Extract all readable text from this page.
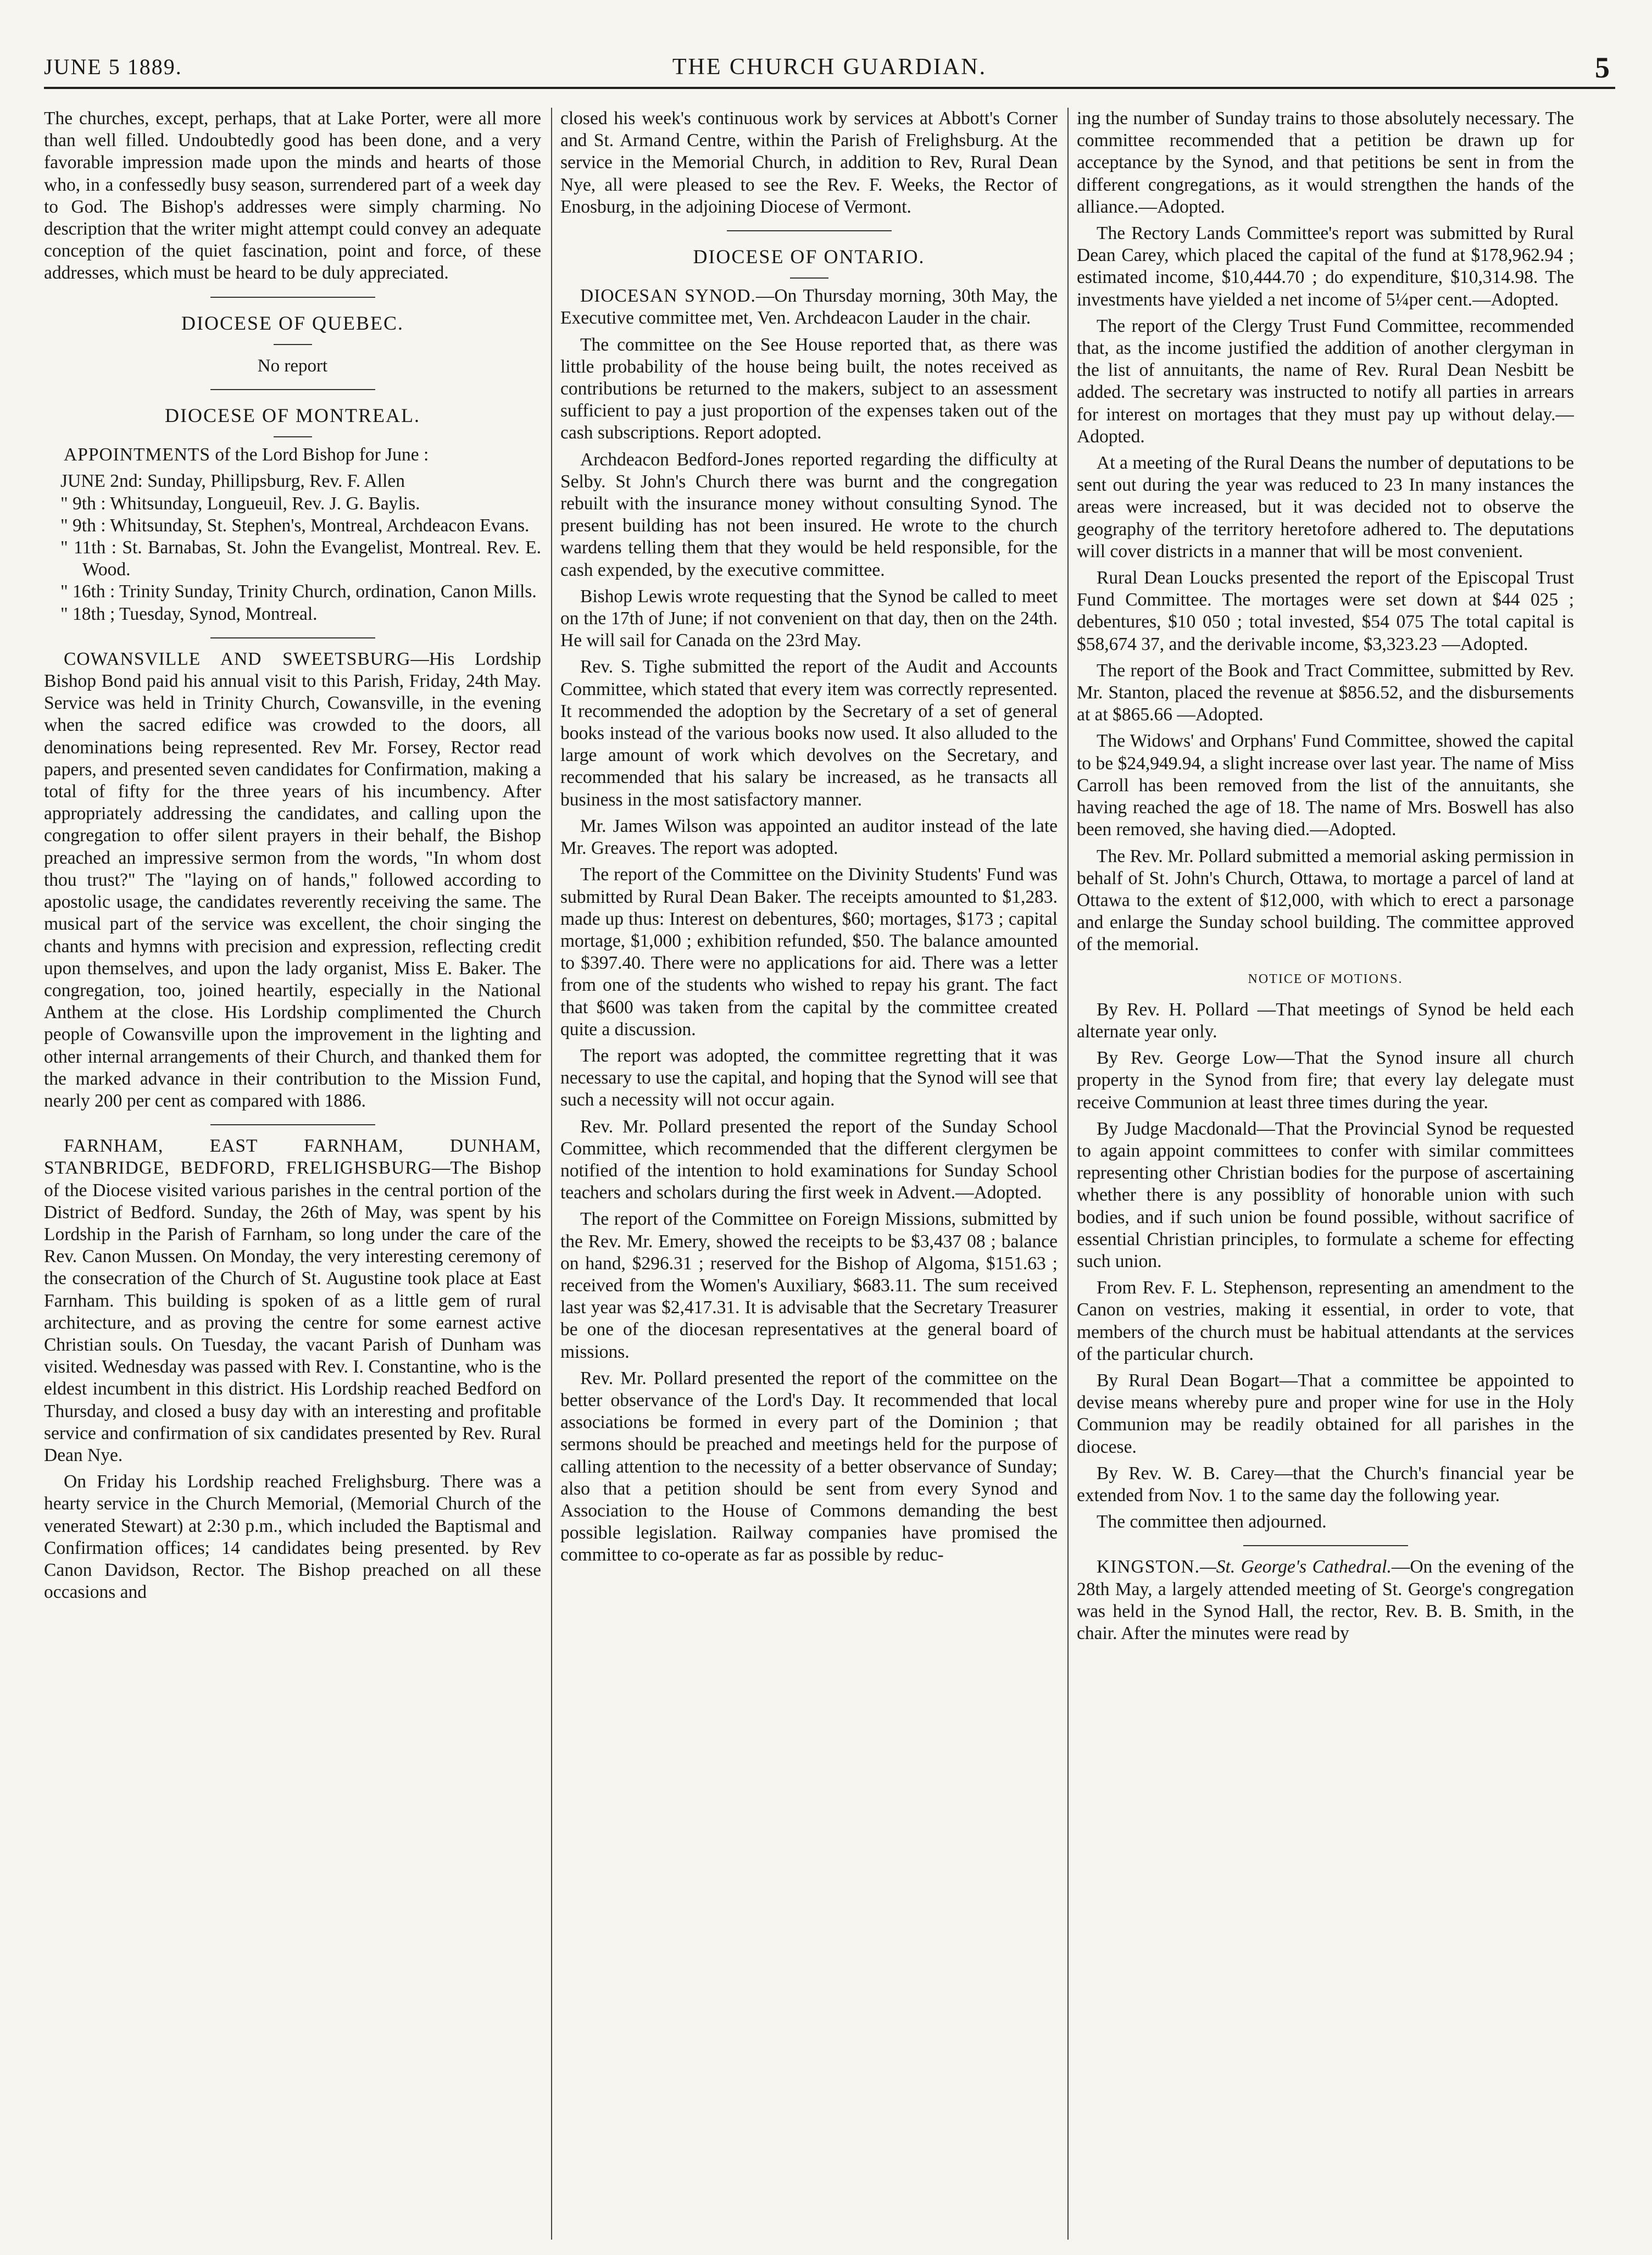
JUNE 5 1889.	THE CHURCH GUARDIAN.	5

The churches, except, perhaps, that at Lake Porter, were all more than well filled. Undoubtedly good has been done, and a very favorable impression made upon the minds and hearts of those who, in a confessedly busy season, surrendered part of a week day to God. The Bishop's addresses were simply charming. No description that the writer might attempt could convey an adequate conception of the quiet fascination, point and force, of these addresses, which must be heard to be duly appreciated.

DIOCESE OF QUEBEC.
No report
DIOCESE OF MONTREAL.

APPOINTMENTS of the Lord Bishop for June :

JUNE 2nd: Sunday, Phillipsburg, Rev. F. Allen
" 9th : Whitsunday, Longueuil, Rev. J. G. Baylis.
" 9th : Whitsunday, St. Stephen's, Montreal, Archdeacon Evans.
" 11th : St. Barnabas, St. John the Evangelist, Montreal. Rev. E. Wood.
" 16th : Trinity Sunday, Trinity Church, ordination, Canon Mills.
" 18th ; Tuesday, Synod, Montreal.

COWANSVILLE AND SWEETSBURG—His Lordship Bishop Bond paid his annual visit to this Parish, Friday, 24th May. Service was held in Trinity Church, Cowansville, in the evening when the sacred edifice was crowded to the doors, all denominations being represented. Rev Mr. Forsey, Rector read papers, and presented seven candidates for Confirmation, making a total of fifty for the three years of his incumbency. After appropriately addressing the candidates, and calling upon the congregation to offer silent prayers in their behalf, the Bishop preached an impressive sermon from the words, "In whom dost thou trust?" The "laying on of hands," followed according to apostolic usage, the candidates reverently receiving the same. The musical part of the service was excellent, the choir singing the chants and hymns with precision and expression, reflecting credit upon themselves, and upon the lady organist, Miss E. Baker. The congregation, too, joined heartily, especially in the National Anthem at the close. His Lordship complimented the Church people of Cowansville upon the improvement in the lighting and other internal arrangements of their Church, and thanked them for the marked advance in their contribution to the Mission Fund, nearly 200 per cent as compared with 1886.

FARNHAM, EAST FARNHAM, DUNHAM, STANBRIDGE, BEDFORD, FRELIGHSBURG—The Bishop of the Diocese visited various parishes in the central portion of the District of Bedford. Sunday, the 26th of May, was spent by his Lordship in the Parish of Farnham, so long under the care of the Rev. Canon Mussen. On Monday, the very interesting ceremony of the consecration of the Church of St. Augustine took place at East Farnham. This building is spoken of as a little gem of rural architecture, and as proving the centre for some earnest active Christian souls. On Tuesday, the vacant Parish of Dunham was visited. Wednesday was passed with Rev. I. Constantine, who is the eldest incumbent in this district. His Lordship reached Bedford on Thursday, and closed a busy day with an interesting and profitable service and confirmation of six candidates presented by Rev. Rural Dean Nye.

On Friday his Lordship reached Frelighsburg. There was a hearty service in the Church Memorial, (Memorial Church of the venerated Stewart) at 2:30 p.m., which included the Baptismal and Confirmation offices; 14 candidates being presented. by Rev Canon Davidson, Rector. The Bishop preached on all these occasions and

closed his week's continuous work by services at Abbott's Corner and St. Armand Centre, within the Parish of Frelighsburg. At the service in the Memorial Church, in addition to Rev, Rural Dean Nye, all were pleased to see the Rev. F. Weeks, the Rector of Enosburg, in the adjoining Diocese of Vermont.

DIOCESE OF ONTARIO.

DIOCESAN SYNOD.—On Thursday morning, 30th May, the Executive committee met, Ven. Archdeacon Lauder in the chair.

The committee on the See House reported that, as there was little probability of the house being built, the notes received as contributions be returned to the makers, subject to an assessment sufficient to pay a just proportion of the expenses taken out of the cash subscriptions. Report adopted.

Archdeacon Bedford-Jones reported regarding the difficulty at Selby. St John's Church there was burnt and the congregation rebuilt with the insurance money without consulting Synod. The present building has not been insured. He wrote to the church wardens telling them that they would be held responsible, for the cash expended, by the executive committee.

Bishop Lewis wrote requesting that the Synod be called to meet on the 17th of June; if not convenient on that day, then on the 24th. He will sail for Canada on the 23rd May.

Rev. S. Tighe submitted the report of the Audit and Accounts Committee, which stated that every item was correctly represented. It recommended the adoption by the Secretary of a set of general books instead of the various books now used. It also alluded to the large amount of work which devolves on the Secretary, and recommended that his salary be increased, as he transacts all business in the most satisfactory manner.

Mr. James Wilson was appointed an auditor instead of the late Mr. Greaves. The report was adopted.

The report of the Committee on the Divinity Students' Fund was submitted by Rural Dean Baker. The receipts amounted to $1,283. made up thus: Interest on debentures, $60; mortages, $173 ; capital mortage, $1,000 ; exhibition refunded, $50. The balance amounted to $397.40. There were no applications for aid. There was a letter from one of the students who wished to repay his grant. The fact that $600 was taken from the capital by the committee created quite a discussion.

The report was adopted, the committee regretting that it was necessary to use the capital, and hoping that the Synod will see that such a necessity will not occur again.

Rev. Mr. Pollard presented the report of the Sunday School Committee, which recommended that the different clergymen be notified of the intention to hold examinations for Sunday School teachers and scholars during the first week in Advent.—Adopted.

The report of the Committee on Foreign Missions, submitted by the Rev. Mr. Emery, showed the receipts to be $3,437 08 ; balance on hand, $296.31 ; reserved for the Bishop of Algoma, $151.63 ; received from the Women's Auxiliary, $683.11. The sum received last year was $2,417.31. It is advisable that the Secretary Treasurer be one of the diocesan representatives at the general board of missions.

Rev. Mr. Pollard presented the report of the committee on the better observance of the Lord's Day. It recommended that local associations be formed in every part of the Dominion ; that sermons should be preached and meetings held for the purpose of calling attention to the necessity of a better observance of Sunday; also that a petition should be sent from every Synod and Association to the House of Commons demanding the best possible legislation. Railway companies have promised the committee to co-operate as far as possible by reduc-

ing the number of Sunday trains to those absolutely necessary. The committee recommended that a petition be drawn up for acceptance by the Synod, and that petitions be sent in from the different congregations, as it would strengthen the hands of the alliance.—Adopted.

The Rectory Lands Committee's report was submitted by Rural Dean Carey, which placed the capital of the fund at $178,962.94 ; estimated income, $10,444.70 ; do expenditure, $10,314.98. The investments have yielded a net income of 5¼per cent.—Adopted.

The report of the Clergy Trust Fund Committee, recommended that, as the income justified the addition of another clergyman in the list of annuitants, the name of Rev. Rural Dean Nesbitt be added. The secretary was instructed to notify all parties in arrears for interest on mortages that they must pay up without delay.—Adopted.

At a meeting of the Rural Deans the number of deputations to be sent out during the year was reduced to 23 In many instances the areas were increased, but it was decided not to observe the geography of the territory heretofore adhered to. The deputations will cover districts in a manner that will be most convenient.

Rural Dean Loucks presented the report of the Episcopal Trust Fund Committee. The mortages were set down at $44 025 ; debentures, $10 050 ; total invested, $54 075 The total capital is $58,674 37, and the derivable income, $3,323.23 —Adopted.

The report of the Book and Tract Committee, submitted by Rev. Mr. Stanton, placed the revenue at $856.52, and the disbursements at at $865.66 —Adopted.

The Widows' and Orphans' Fund Committee, showed the capital to be $24,949.94, a slight increase over last year. The name of Miss Carroll has been removed from the list of the annuitants, she having reached the age of 18. The name of Mrs. Boswell has also been removed, she having died.—Adopted.

The Rev. Mr. Pollard submitted a memorial asking permission in behalf of St. John's Church, Ottawa, to mortage a parcel of land at Ottawa to the extent of $12,000, with which to erect a parsonage and enlarge the Sunday school building. The committee approved of the memorial.

NOTICE OF MOTIONS.

By Rev. H. Pollard —That meetings of Synod be held each alternate year only.

By Rev. George Low—That the Synod insure all church property in the Synod from fire; that every lay delegate must receive Communion at least three times during the year.

By Judge Macdonald—That the Provincial Synod be requested to again appoint committees to confer with similar committees representing other Christian bodies for the purpose of ascertaining whether there is any possiblity of honorable union with such bodies, and if such union be found possible, without sacrifice of essential Christian principles, to formulate a scheme for effecting such union.

From Rev. F. L. Stephenson, representing an amendment to the Canon on vestries, making it essential, in order to vote, that members of the church must be habitual attendants at the services of the particular church.

By Rural Dean Bogart—That a committee be appointed to devise means whereby pure and proper wine for use in the Holy Communion may be readily obtained for all parishes in the diocese.

By Rev. W. B. Carey—that the Church's financial year be extended from Nov. 1 to the same day the following year.

The committee then adjourned.

KINGSTON.—St. George's Cathedral.—On the evening of the 28th May, a largely attended meeting of St. George's congregation was held in the Synod Hall, the rector, Rev. B. B. Smith, in the chair. After the minutes were read by
